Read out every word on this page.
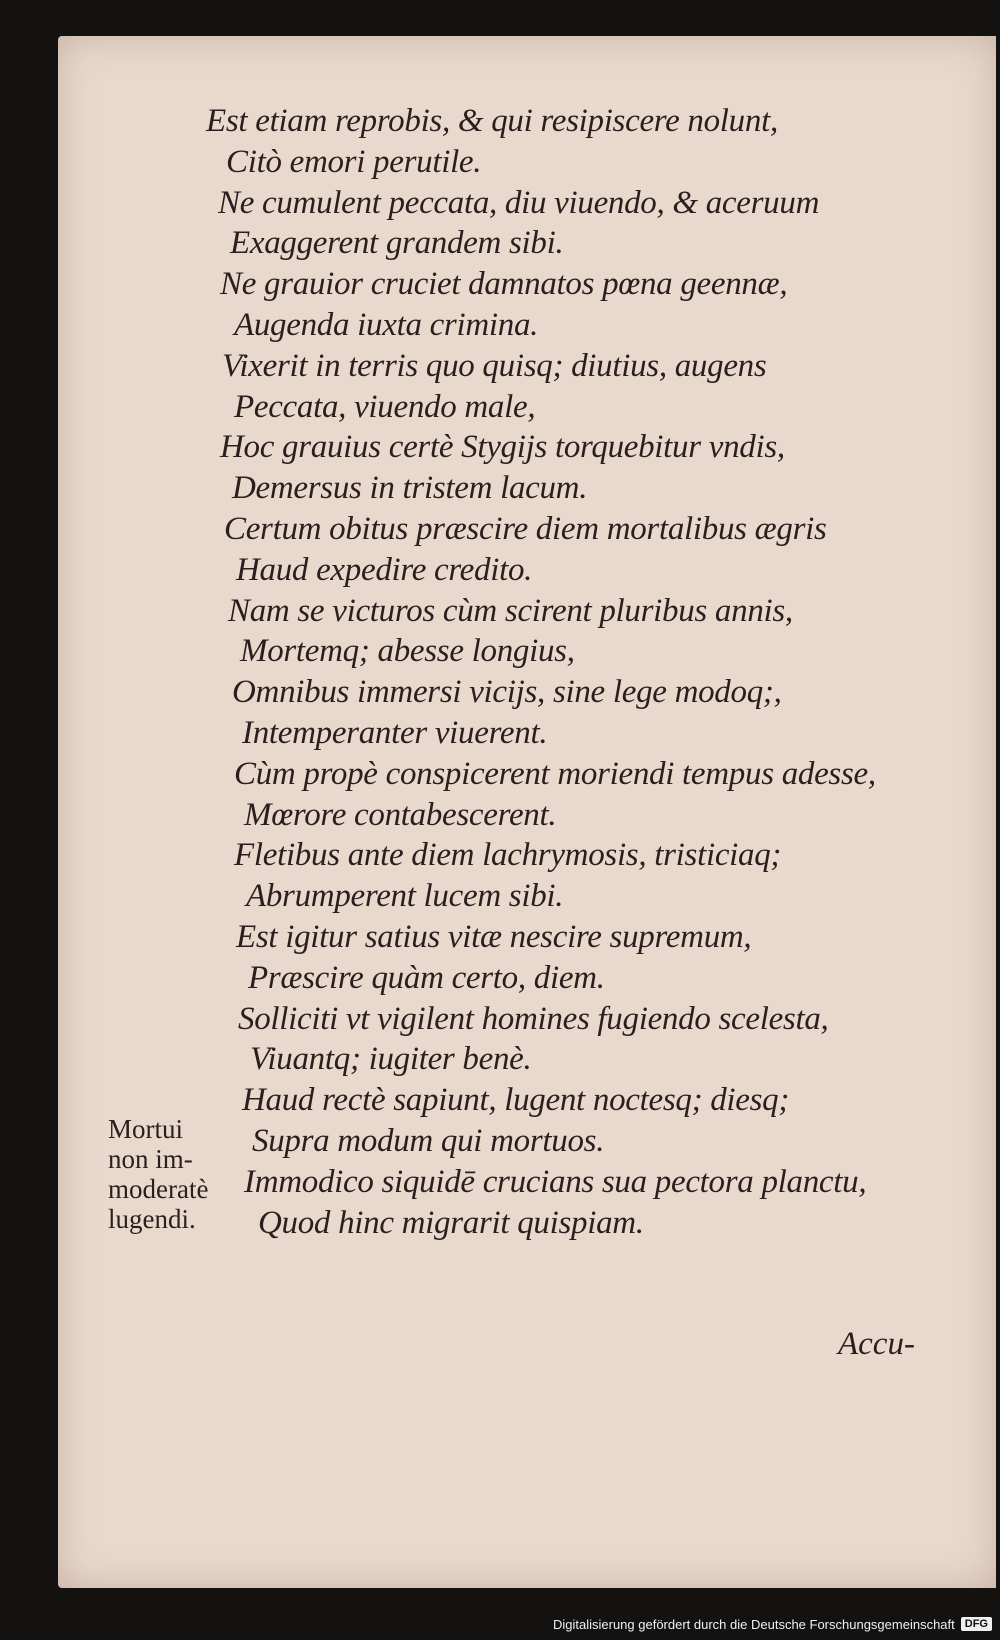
Est etiam reprobis, & qui resipiscere nolunt,
Citò emori perutile.
Ne cumulent peccata, diu viuendo, & aceruum
Exaggerent grandem sibi.
Ne grauior cruciet damnatos pœna geennæ,
Augenda iuxta crimina.
Vixerit in terris quo quisq; diutius, augens
Peccata, viuendo male,
Hoc grauius certè Stygijs torquebitur vndis,
Demersus in tristem lacum.
Certum obitus præscire diem mortalibus ægris
Haud expedire credito.
Nam se victuros cùm scirent pluribus annis,
Mortemq; abesse longius,
Omnibus immersi vicijs, sine lege modoq;,
Intemperanter viuerent.
Cùm propè conspicerent moriendi tempus adesse,
Mœrore contabescerent.
Fletibus ante diem lachrymosis, tristiciaq;
Abrumperent lucem sibi.
Est igitur satius vitæ nescire supremum,
Præscire quàm certo, diem.
Solliciti vt vigilent homines fugiendo scelesta,
Viuantq; iugiter benè.
Haud rectè sapiunt, lugent noctesq; diesq;
Supra modum qui mortuos.
Immodico siquidē crucians sua pectora planctu,
Quod hinc migrarit quispiam.

Mortui
non im-
moderatè
lugendi.

Accu-
Digitalisierung gefördert durch die Deutsche Forschungsgemeinschaft DFG
